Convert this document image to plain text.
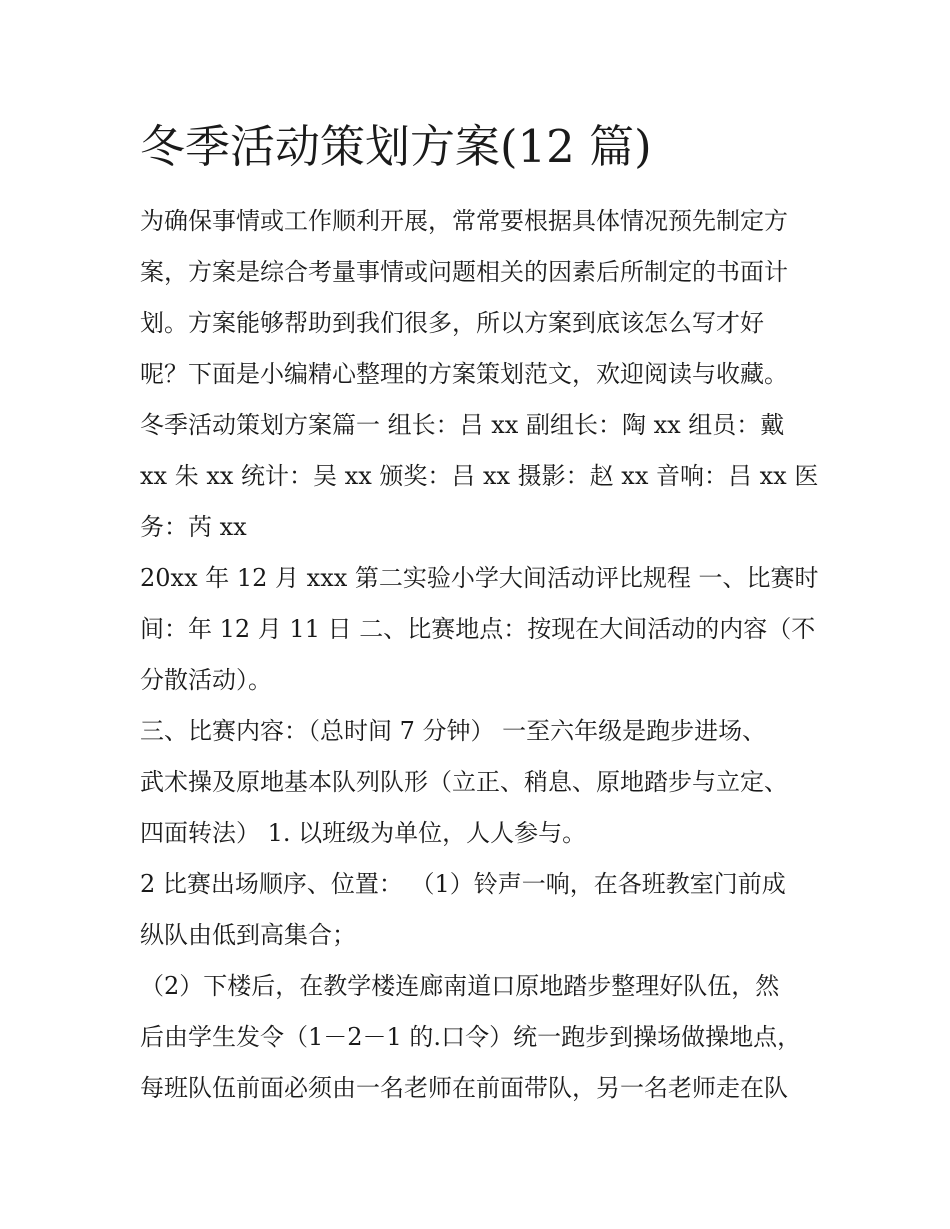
冬季活动策划方案(12 篇)
为确保事情或工作顺利开展，常常要根据具体情况预先制定方
案，方案是综合考量事情或问题相关的因素后所制定的书面计
划。方案能够帮助到我们很多，所以方案到底该怎么写才好
呢？下面是小编精心整理的方案策划范文，欢迎阅读与收藏。
冬季活动策划方案篇一 组长：吕 xx 副组长：陶 xx 组员：戴
xx 朱 xx 统计：吴 xx 颁奖：吕 xx 摄影：赵 xx 音响：吕 xx 医
务：芮 xx
20xx 年 12 月 xxx 第二实验小学大间活动评比规程 一、比赛时
间：年 12 月 11 日 二、比赛地点：按现在大间活动的内容（不
分散活动）。
三、比赛内容：（总时间 7 分钟） 一至六年级是跑步进场、
武术操及原地基本队列队形（立正、稍息、原地踏步与立定、
四面转法） 1. 以班级为单位，人人参与。
2 比赛出场顺序、位置： （1）铃声一响，在各班教室门前成
纵队由低到高集合；
（2）下楼后，在教学楼连廊南道口原地踏步整理好队伍，然
后由学生发令（1－2－1 的.口令）统一跑步到操场做操地点，
每班队伍前面必须由一名老师在前面带队，另一名老师走在队
